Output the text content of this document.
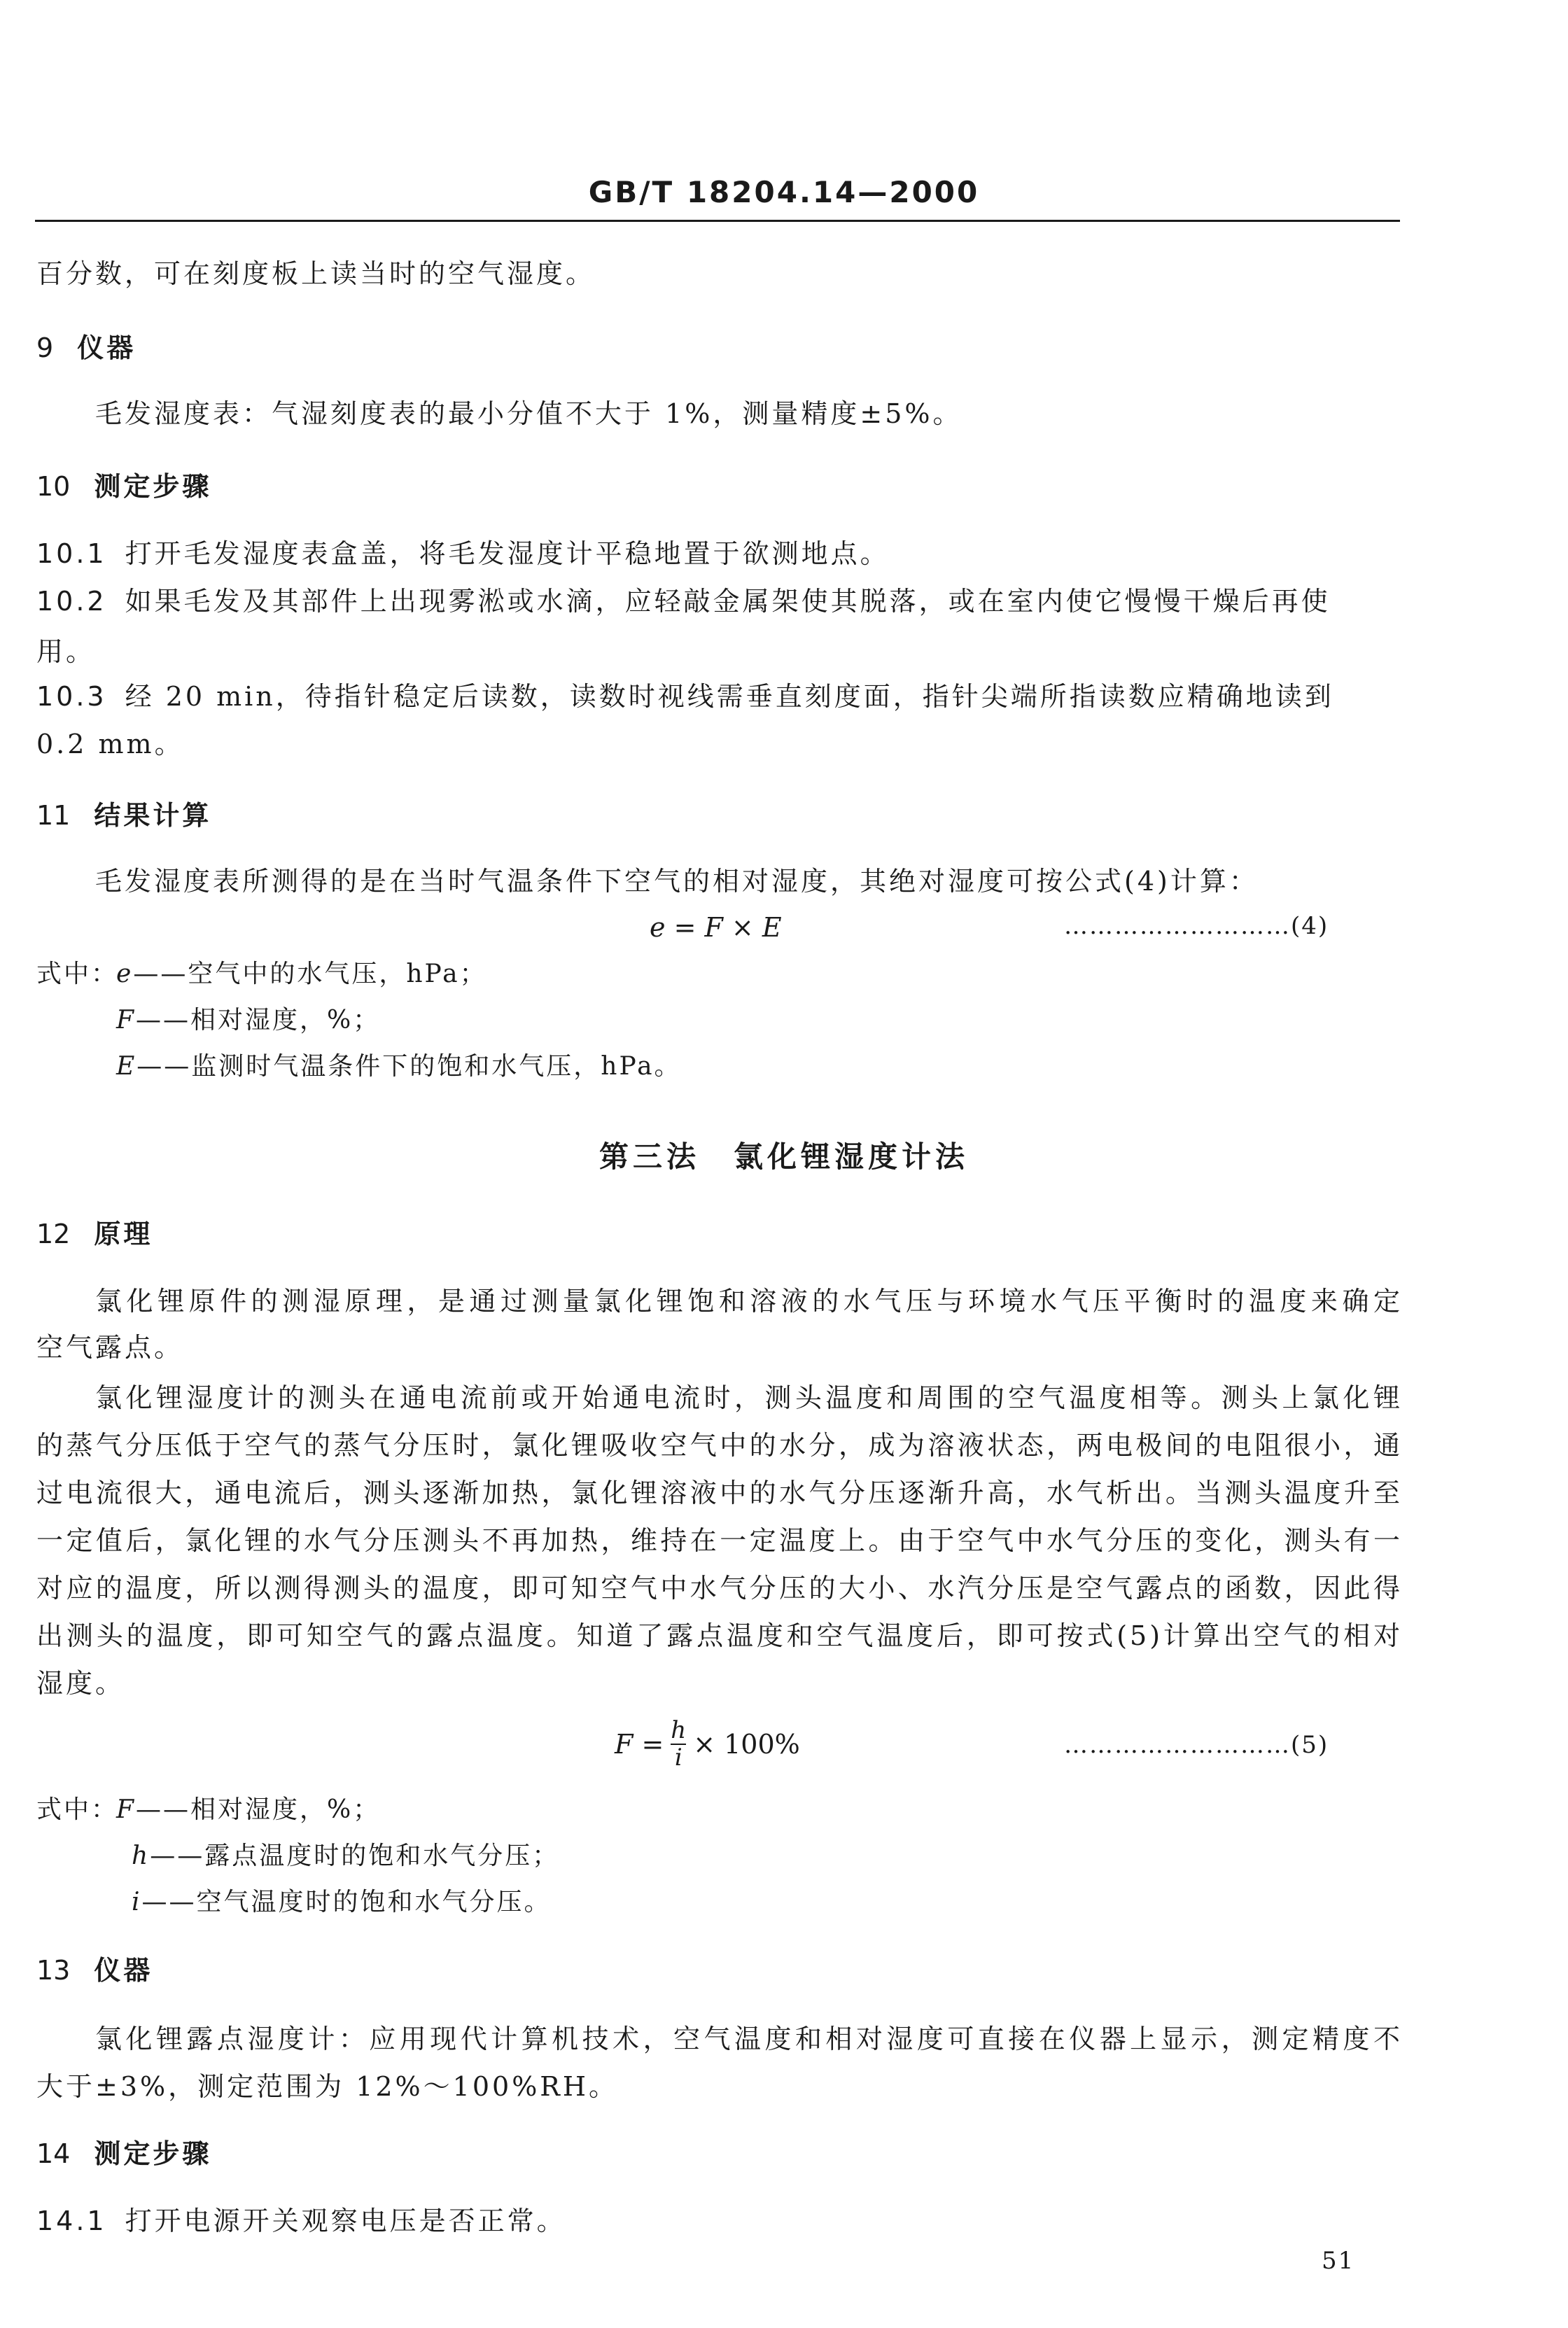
GB/T 18204.14—2000
百分数，可在刻度板上读当时的空气湿度。
9 仪器
毛发湿度表：气湿刻度表的最小分值不大于 1%，测量精度±5%。
10 测定步骤
10.1 打开毛发湿度表盒盖，将毛发湿度计平稳地置于欲测地点。
10.2 如果毛发及其部件上出现雾淞或水滴，应轻敲金属架使其脱落，或在室内使它慢慢干燥后再使
用。
10.3 经 20 min，待指针稳定后读数，读数时视线需垂直刻度面，指针尖端所指读数应精确地读到
0.2 mm。
11 结果计算
毛发湿度表所测得的是在当时气温条件下空气的相对湿度，其绝对湿度可按公式(4)计算：
e = F × E	………………………(4)
式中：
e——空气中的水气压，hPa；
F——相对湿度，%；
E——监测时气温条件下的饱和水气压，hPa。
第三法　氯化锂湿度计法
12 原理
氯化锂原件的测湿原理，是通过测量氯化锂饱和溶液的水气压与环境水气压平衡时的温度来确定
空气露点。
氯化锂湿度计的测头在通电流前或开始通电流时，测头温度和周围的空气温度相等。测头上氯化锂
的蒸气分压低于空气的蒸气分压时，氯化锂吸收空气中的水分，成为溶液状态，两电极间的电阻很小，通
过电流很大，通电流后，测头逐渐加热，氯化锂溶液中的水气分压逐渐升高，水气析出。当测头温度升至
一定值后，氯化锂的水气分压测头不再加热，维持在一定温度上。由于空气中水气分压的变化，测头有一
对应的温度，所以测得测头的温度，即可知空气中水气分压的大小、水汽分压是空气露点的函数，因此得
出测头的温度，即可知空气的露点温度。知道了露点温度和空气温度后，即可按式(5)计算出空气的相对
湿度。
$F = \frac{h}{i} \times 100\%$	………………………(5)
式中：
F——相对湿度，%；
h——露点温度时的饱和水气分压；
i——空气温度时的饱和水气分压。
13 仪器
氯化锂露点湿度计：应用现代计算机技术，空气温度和相对湿度可直接在仪器上显示，测定精度不
大于±3%，测定范围为 12%～100%RH。
14 测定步骤
14.1 打开电源开关观察电压是否正常。
51
